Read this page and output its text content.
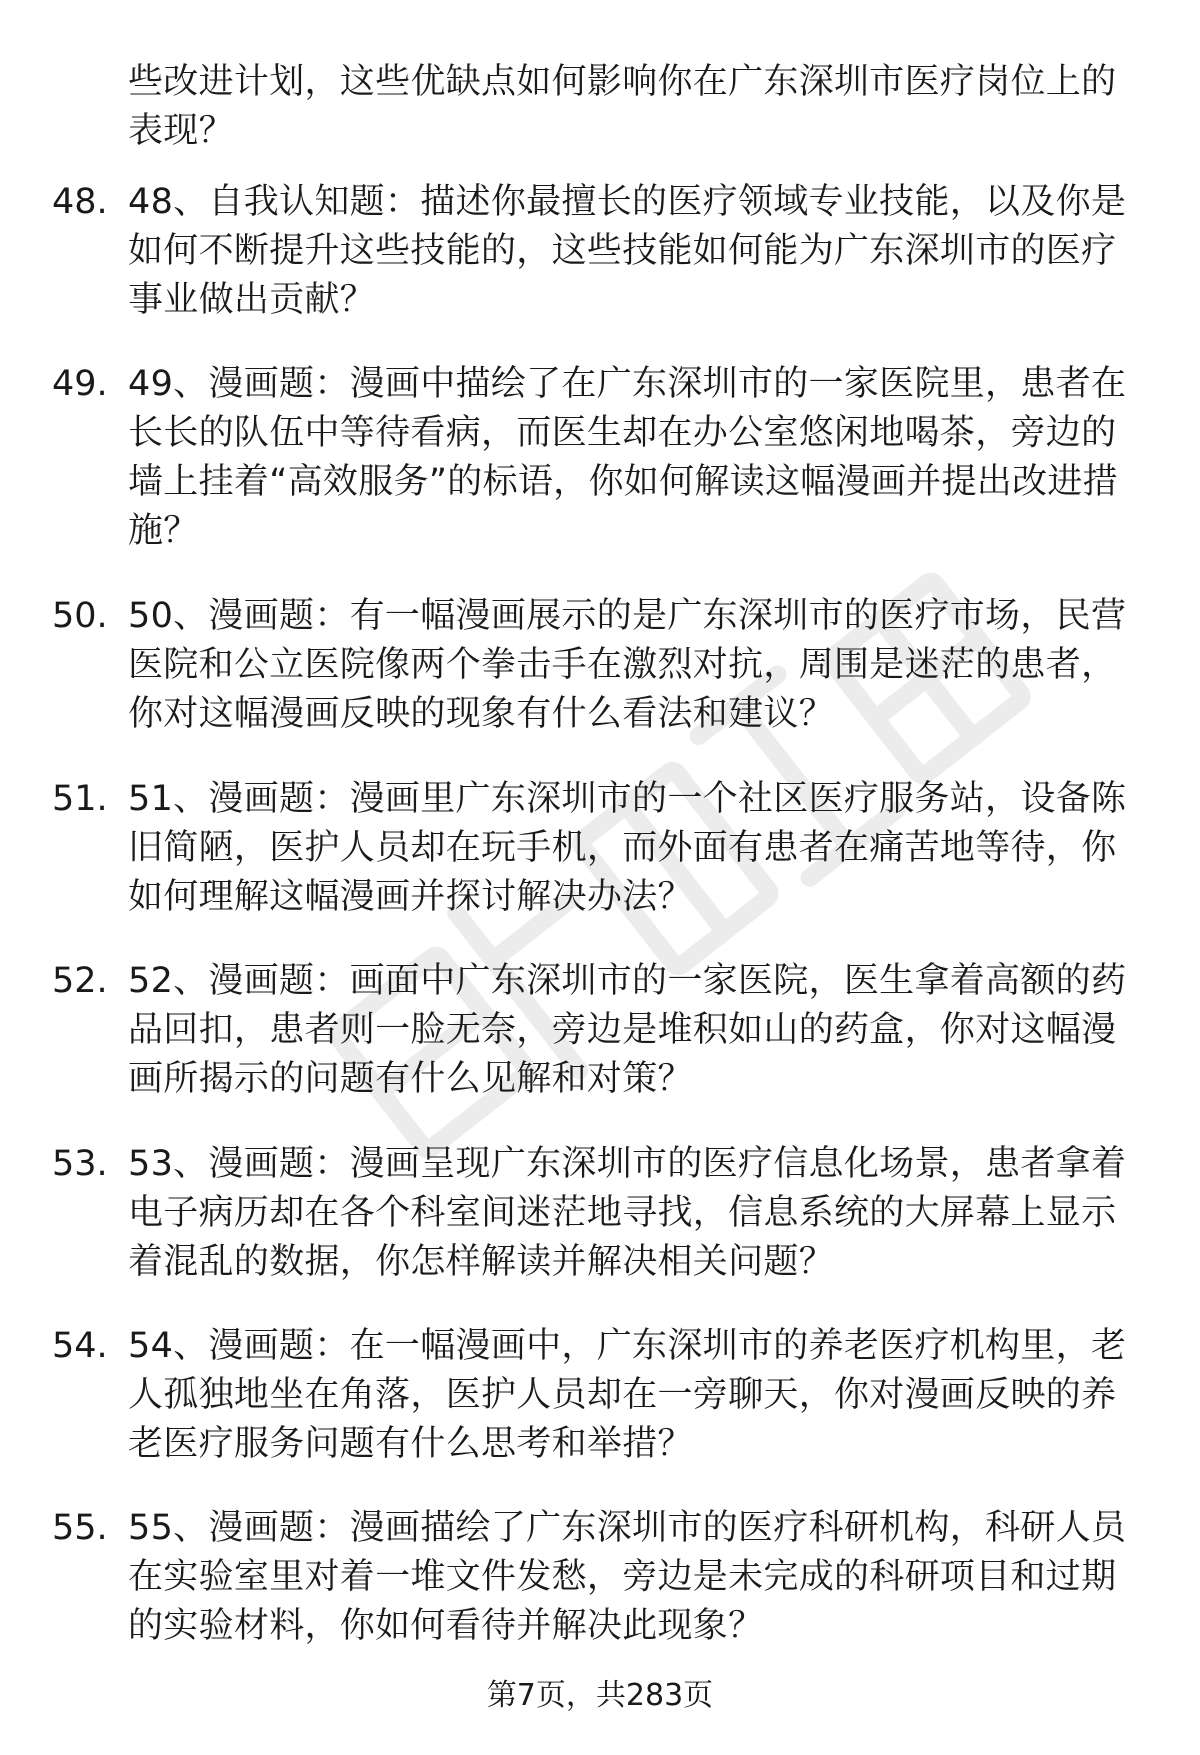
些改进计划，这些优缺点如何影响你在广东深圳市医疗岗位上的表现？
48. 48、自我认知题：描述你最擅长的医疗领域专业技能，以及你是如何不断提升这些技能的，这些技能如何能为广东深圳市的医疗事业做出贡献？
49. 49、漫画题：漫画中描绘了在广东深圳市的一家医院里，患者在长长的队伍中等待看病，而医生却在办公室悠闲地喝茶，旁边的墙上挂着“高效服务”的标语，你如何解读这幅漫画并提出改进措施？
50. 50、漫画题：有一幅漫画展示的是广东深圳市的医疗市场，民营医院和公立医院像两个拳击手在激烈对抗，周围是迷茫的患者，你对这幅漫画反映的现象有什么看法和建议？
51. 51、漫画题：漫画里广东深圳市的一个社区医疗服务站，设备陈旧简陋，医护人员却在玩手机，而外面有患者在痛苦地等待，你如何理解这幅漫画并探讨解决办法？
52. 52、漫画题：画面中广东深圳市的一家医院，医生拿着高额的药品回扣，患者则一脸无奈，旁边是堆积如山的药盒，你对这幅漫画所揭示的问题有什么见解和对策？
53. 53、漫画题：漫画呈现广东深圳市的医疗信息化场景，患者拿着电子病历却在各个科室间迷茫地寻找，信息系统的大屏幕上显示着混乱的数据，你怎样解读并解决相关问题？
54. 54、漫画题：在一幅漫画中，广东深圳市的养老医疗机构里，老人孤独地坐在角落，医护人员却在一旁聊天，你对漫画反映的养老医疗服务问题有什么思考和举措？
55. 55、漫画题：漫画描绘了广东深圳市的医疗科研机构，科研人员在实验室里对着一堆文件发愁，旁边是未完成的科研项目和过期的实验材料，你如何看待并解决此现象？
第7页，共283页
